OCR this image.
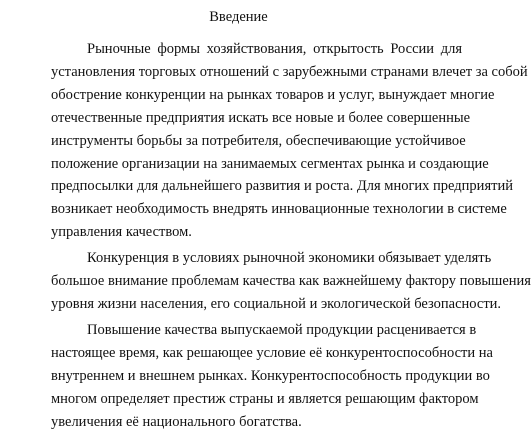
Введение
Рыночные формы хозяйствования, открытость России для
установления торговых отношений с зарубежными странами влечет за собой
обострение конкуренции на рынках товаров и услуг, вынуждает многие
отечественные предприятия искать все новые и более совершенные
инструменты борьбы за потребителя, обеспечивающие устойчивое
положение организации на занимаемых сегментах рынка и создающие
предпосылки для дальнейшего развития и роста. Для многих предприятий
возникает необходимость внедрять инновационные технологии в системе
управления качеством.
Конкуренция в условиях рыночной экономики обязывает уделять
большое внимание проблемам качества как важнейшему фактору повышения
уровня жизни населения, его социальной и экологической безопасности.
Повышение качества выпускаемой продукции расценивается в
настоящее время, как решающее условие её конкурентоспособности на
внутреннем и внешнем рынках. Конкурентоспособность продукции во
многом определяет престиж страны и является решающим фактором
увеличения её национального богатства.
